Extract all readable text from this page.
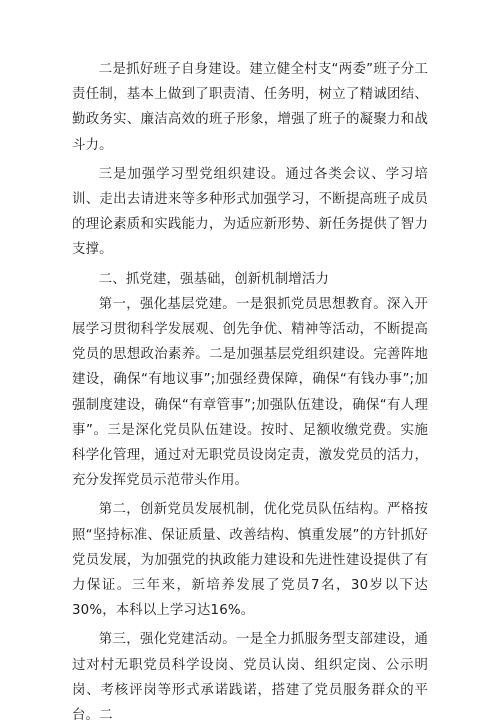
二是抓好班子自身建设。建立健全村支“两委”班子分工责任制，基本上做到了职责清、任务明，树立了精诚团结、勤政务实、廉洁高效的班子形象，增强了班子的凝聚力和战斗力。

三是加强学习型党组织建设。通过各类会议、学习培训、走出去请进来等多种形式加强学习，不断提高班子成员的理论素质和实践能力，为适应新形势、新任务提供了智力支撑。

二、抓党建，强基础，创新机制增活力

第一，强化基层党建。一是狠抓党员思想教育。深入开展学习贯彻科学发展观、创先争优、精神等活动，不断提高党员的思想政治素养。二是加强基层党组织建设。完善阵地建设，确保“有地议事”;加强经费保障，确保“有钱办事”;加强制度建设，确保“有章管事”;加强队伍建设，确保“有人理事”。三是深化党员队伍建设。按时、足额收缴党费。实施科学化管理，通过对无职党员设岗定责，激发党员的活力，充分发挥党员示范带头作用。

第二，创新党员发展机制，优化党员队伍结构。严格按照“坚持标准、保证质量、改善结构、慎重发展”的方针抓好党员发展，为加强党的执政能力建设和先进性建设提供了有力保证。三年来，新培养发展了党员7名，30岁以下达30%，本科以上学习达16%。

第三，强化党建活动。一是全力抓服务型支部建设，通过对村无职党员科学设岗、党员认岗、组织定岗、公示明岗、考核评岗等形式承诺践诺，搭建了党员服务群众的平台。二
